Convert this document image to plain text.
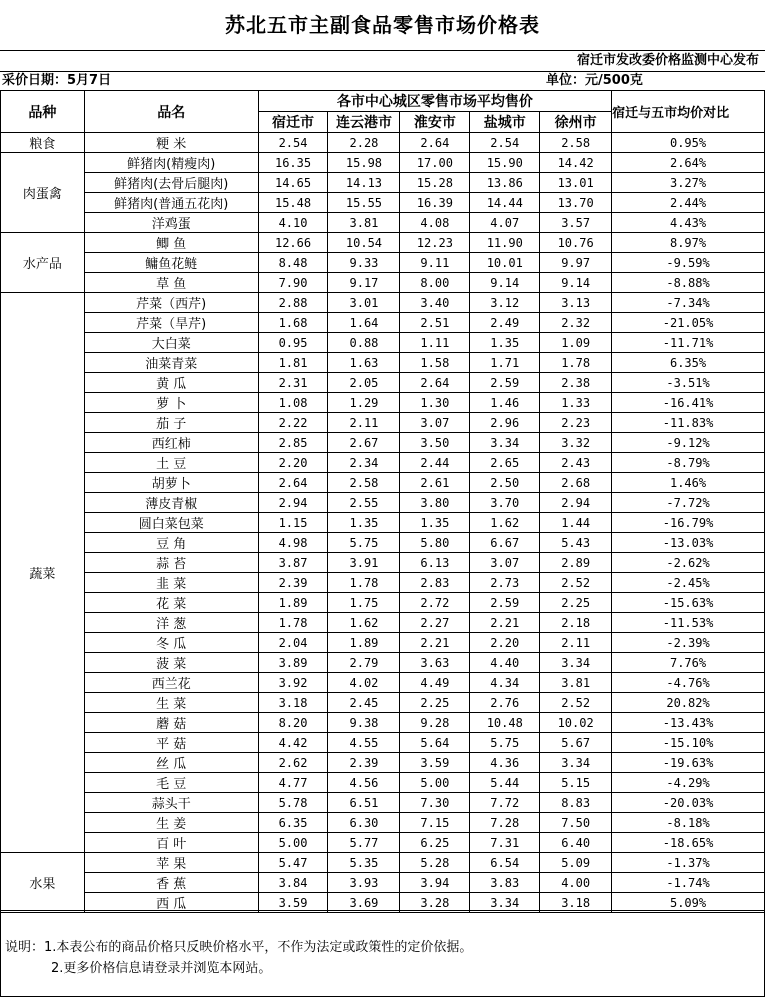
苏北五市主副食品零售市场价格表
宿迁市发改委价格监测中心发布
采价日期：5月7日	单位：元/500克
品种	品名	各市中心城区零售市场平均售价					宿迁与五市均价对比
		宿迁市	连云港市	淮安市	盐城市	徐州市	
粮食	粳 米	2.54	2.28	2.64	2.54	2.58	0.95%
肉蛋禽	鲜猪肉(精瘦肉)	16.35	15.98	17.00	15.90	14.42	2.64%
	鲜猪肉(去骨后腿肉)	14.65	14.13	15.28	13.86	13.01	3.27%
	鲜猪肉(普通五花肉)	15.48	15.55	16.39	14.44	13.70	2.44%
	洋鸡蛋	4.10	3.81	4.08	4.07	3.57	4.43%
水产品	鲫 鱼	12.66	10.54	12.23	11.90	10.76	8.97%
	鳙鱼花鲢	8.48	9.33	9.11	10.01	9.97	-9.59%
	草 鱼	7.90	9.17	8.00	9.14	9.14	-8.88%
蔬菜	芹菜（西芹)	2.88	3.01	3.40	3.12	3.13	-7.34%
	芹菜（旱芹)	1.68	1.64	2.51	2.49	2.32	-21.05%
	大白菜	0.95	0.88	1.11	1.35	1.09	-11.71%
	油菜青菜	1.81	1.63	1.58	1.71	1.78	6.35%
	黄 瓜	2.31	2.05	2.64	2.59	2.38	-3.51%
	萝 卜	1.08	1.29	1.30	1.46	1.33	-16.41%
	茄 子	2.22	2.11	3.07	2.96	2.23	-11.83%
	西红柿	2.85	2.67	3.50	3.34	3.32	-9.12%
	土 豆	2.20	2.34	2.44	2.65	2.43	-8.79%
	胡萝卜	2.64	2.58	2.61	2.50	2.68	1.46%
	薄皮青椒	2.94	2.55	3.80	3.70	2.94	-7.72%
	圆白菜包菜	1.15	1.35	1.35	1.62	1.44	-16.79%
	豆 角	4.98	5.75	5.80	6.67	5.43	-13.03%
	蒜 苔	3.87	3.91	6.13	3.07	2.89	-2.62%
	韭 菜	2.39	1.78	2.83	2.73	2.52	-2.45%
	花 菜	1.89	1.75	2.72	2.59	2.25	-15.63%
	洋 葱	1.78	1.62	2.27	2.21	2.18	-11.53%
	冬 瓜	2.04	1.89	2.21	2.20	2.11	-2.39%
	菠 菜	3.89	2.79	3.63	4.40	3.34	7.76%
	西兰花	3.92	4.02	4.49	4.34	3.81	-4.76%
	生 菜	3.18	2.45	2.25	2.76	2.52	20.82%
	蘑 菇	8.20	9.38	9.28	10.48	10.02	-13.43%
	平 菇	4.42	4.55	5.64	5.75	5.67	-15.10%
	丝 瓜	2.62	2.39	3.59	4.36	3.34	-19.63%
	毛 豆	4.77	4.56	5.00	5.44	5.15	-4.29%
	蒜头干	5.78	6.51	7.30	7.72	8.83	-20.03%
	生 姜	6.35	6.30	7.15	7.28	7.50	-8.18%
	百 叶	5.00	5.77	6.25	7.31	6.40	-18.65%
水果	苹 果	5.47	5.35	5.28	6.54	5.09	-1.37%
	香 蕉	3.84	3.93	3.94	3.83	4.00	-1.74%
	西 瓜	3.59	3.69	3.28	3.34	3.18	5.09%
说明：1.本表公布的商品价格只反映价格水平，不作为法定或政策性的定价依据。
2.更多价格信息请登录并浏览本网站。
